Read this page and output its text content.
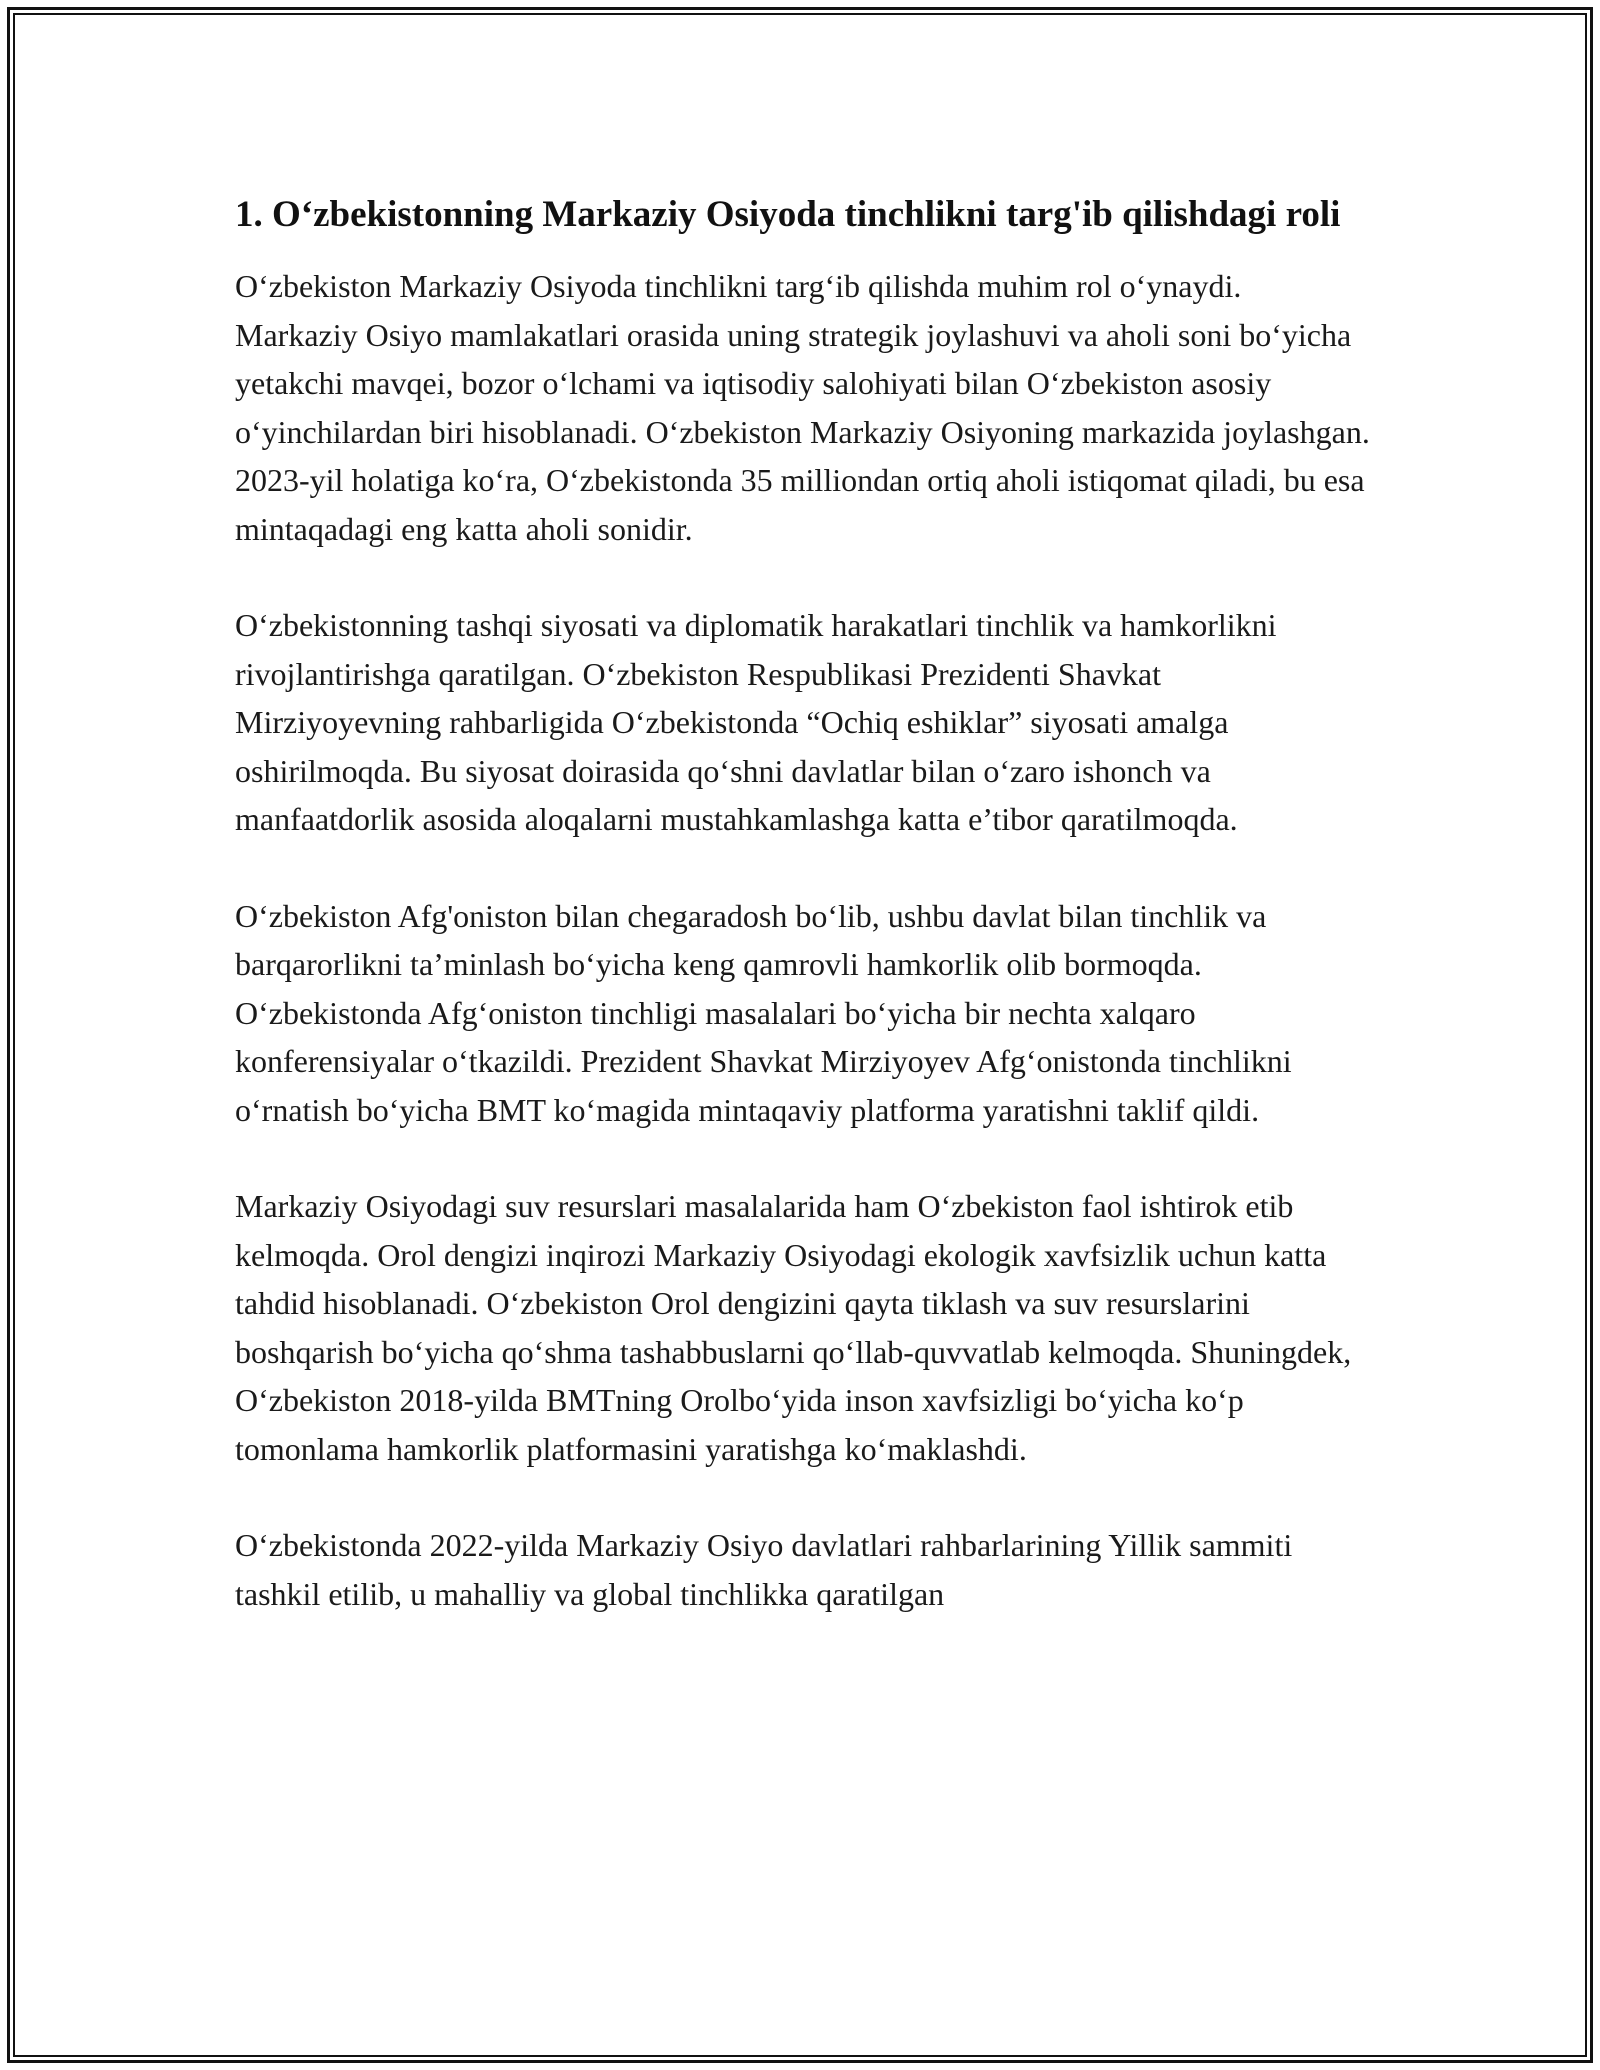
1. O‘zbekistonning Markaziy Osiyoda tinchlikni targ'ib qilishdagi roli

O‘zbekiston Markaziy Osiyoda tinchlikni targ‘ib qilishda muhim rol o‘ynaydi. Markaziy Osiyo mamlakatlari orasida uning strategik joylashuvi va aholi soni bo‘yicha yetakchi mavqei, bozor o‘lchami va iqtisodiy salohiyati bilan O‘zbekiston asosiy o‘yinchilardan biri hisoblanadi. O‘zbekiston Markaziy Osiyoning markazida joylashgan. 2023-yil holatiga ko‘ra, O‘zbekistonda 35 milliondan ortiq aholi istiqomat qiladi, bu esa mintaqadagi eng katta aholi sonidir.

O‘zbekistonning tashqi siyosati va diplomatik harakatlari tinchlik va hamkorlikni rivojlantirishga qaratilgan. O‘zbekiston Respublikasi Prezidenti Shavkat Mirziyoyevning rahbarligida O‘zbekistonda “Ochiq eshiklar” siyosati amalga oshirilmoqda. Bu siyosat doirasida qo‘shni davlatlar bilan o‘zaro ishonch va manfaatdorlik asosida aloqalarni mustahkamlashga katta e’tibor qaratilmoqda.

O‘zbekiston Afg'oniston bilan chegaradosh bo‘lib, ushbu davlat bilan tinchlik va barqarorlikni ta’minlash bo‘yicha keng qamrovli hamkorlik olib bormoqda. O‘zbekistonda Afg‘oniston tinchligi masalalari bo‘yicha bir nechta xalqaro konferensiyalar o‘tkazildi. Prezident Shavkat Mirziyoyev Afg‘onistonda tinchlikni o‘rnatish bo‘yicha BMT ko‘magida mintaqaviy platforma yaratishni taklif qildi.

Markaziy Osiyodagi suv resurslari masalalarida ham O‘zbekiston faol ishtirok etib kelmoqda. Orol dengizi inqirozi Markaziy Osiyodagi ekologik xavfsizlik uchun katta tahdid hisoblanadi. O‘zbekiston Orol dengizini qayta tiklash va suv resurslarini boshqarish bo‘yicha qo‘shma tashabbuslarni qo‘llab-quvvatlab kelmoqda. Shuningdek, O‘zbekiston 2018-yilda BMTning Orolbo‘yida inson xavfsizligi bo‘yicha ko‘p tomonlama hamkorlik platformasini yaratishga ko‘maklashdi.

O‘zbekistonda 2022-yilda Markaziy Osiyo davlatlari rahbarlarining Yillik sammiti tashkil etilib, u mahalliy va global tinchlikka qaratilgan
